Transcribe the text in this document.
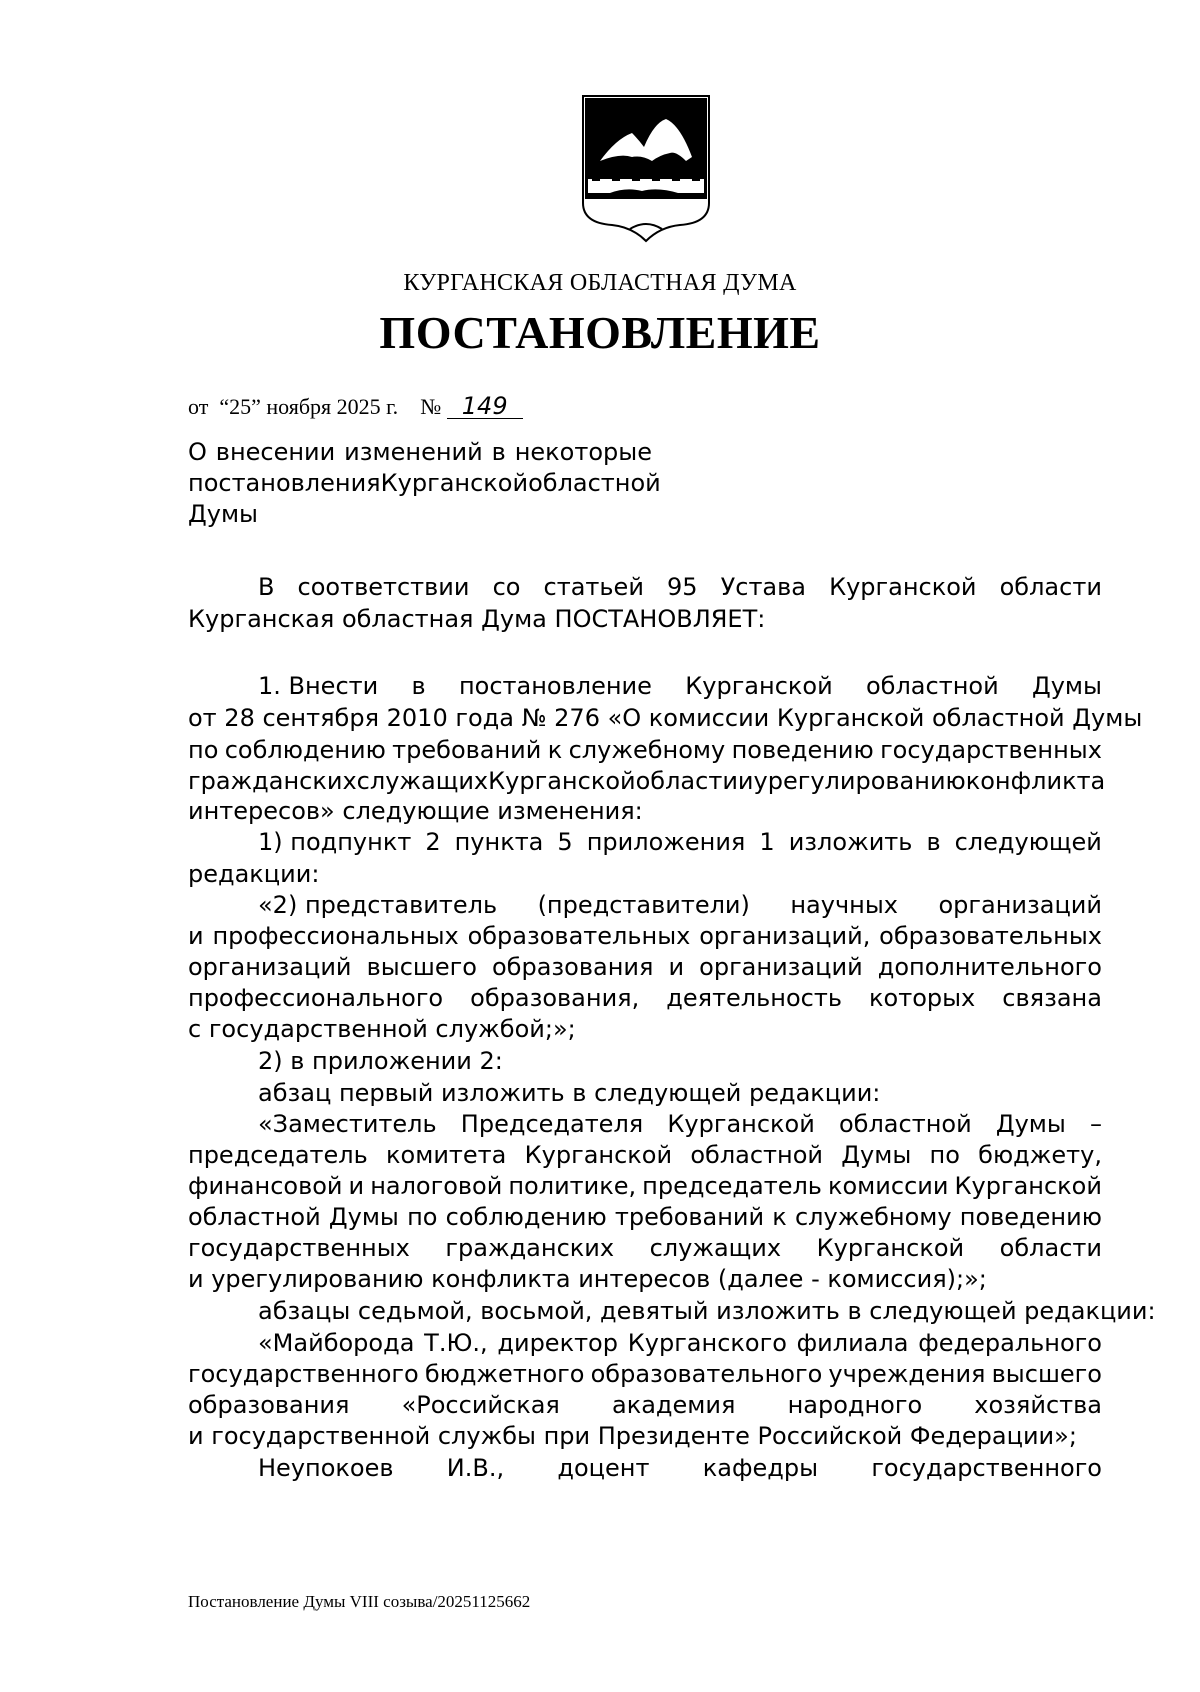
КУРГАНСКАЯ ОБЛАСТНАЯ ДУМА
ПОСТАНОВЛЕНИЕ
от “25” ноября 2025 г. № 149
О внесении изменений в некоторые
постановления Курганской областной
Думы
В соответствии со статьей 95 Устава Курганской области
Курганская областная Дума ПОСТАНОВЛЯЕТ:
1. Внести в постановление Курганской областной Думы
от 28 сентября 2010 года № 276 «О комиссии Курганской областной Думы
по соблюдению требований к служебному поведению государственных
гражданских служащих Курганской области и урегулированию конфликта
интересов» следующие изменения:
1) подпункт 2 пункта 5 приложения 1 изложить в следующей
редакции:
«2) представитель (представители) научных организаций
и профессиональных образовательных организаций, образовательных
организаций высшего образования и организаций дополнительного
профессионального образования, деятельность которых связана
с государственной службой;»;
2) в приложении 2:
абзац первый изложить в следующей редакции:
«Заместитель Председателя Курганской областной Думы –
председатель комитета Курганской областной Думы по бюджету,
финансовой и налоговой политике, председатель комиссии Курганской
областной Думы по соблюдению требований к служебному поведению
государственных гражданских служащих Курганской области
и урегулированию конфликта интересов (далее - комиссия);»;
абзацы седьмой, восьмой, девятый изложить в следующей редакции:
«Майборода Т.Ю., директор Курганского филиала федерального
государственного бюджетного образовательного учреждения высшего
образования «Российская академия народного хозяйства
и государственной службы при Президенте Российской Федерации»;
Неупокоев И.В., доцент кафедры государственного
Постановление Думы VIII созыва/20251125662
